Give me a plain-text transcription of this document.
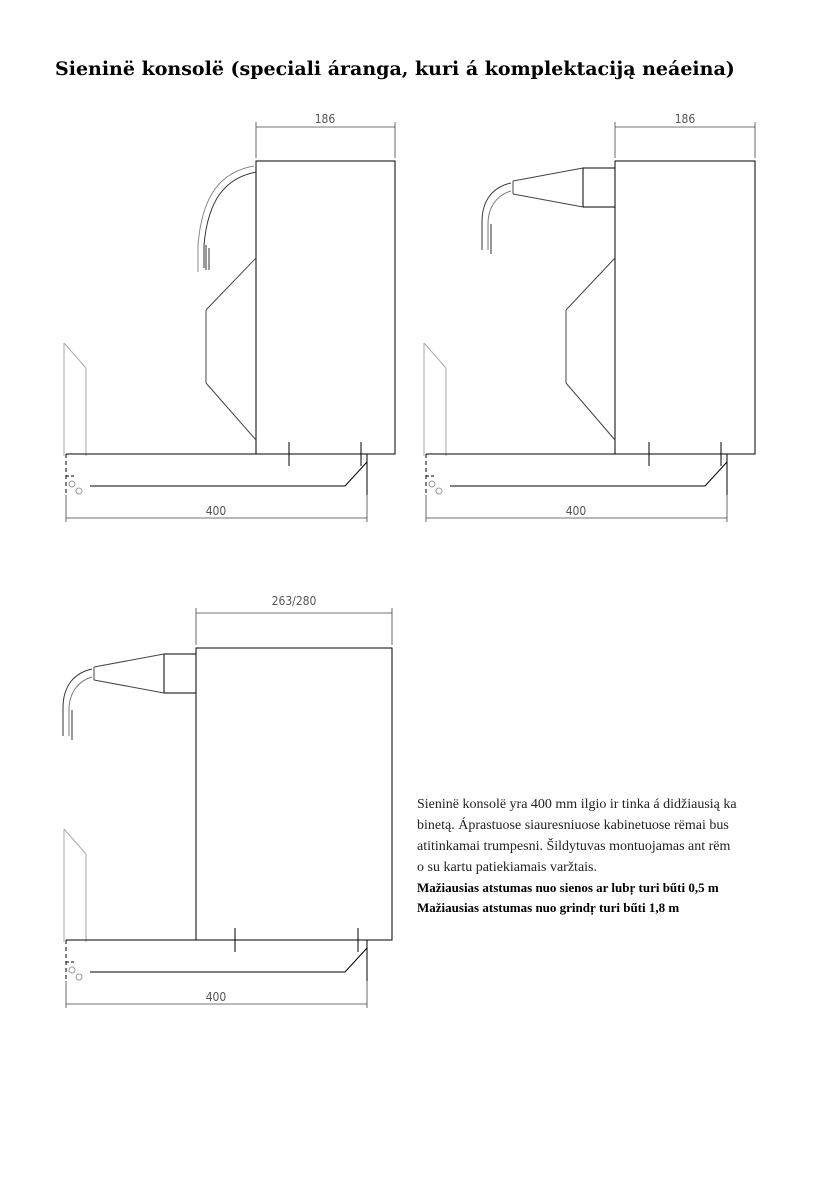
Sieninë konsolë (speciali áranga, kuri á komplektaciją neáeina)
186
400
186
400
263/280
400

Sieninë konsolë yra 400 mm ilgio ir tinka á didžiausią ka

binetą. Áprastuose siauresniuose kabinetuose rëmai bus

atitinkamai trumpesni. Šildytuvas montuojamas ant rëm

o su kartu patiekiamais varžtais.

Mažiausias atstumas nuo sienos ar lubŗ turi bűti 0,5 m

Mažiausias atstumas nuo grindŗ turi bűti 1,8 m
